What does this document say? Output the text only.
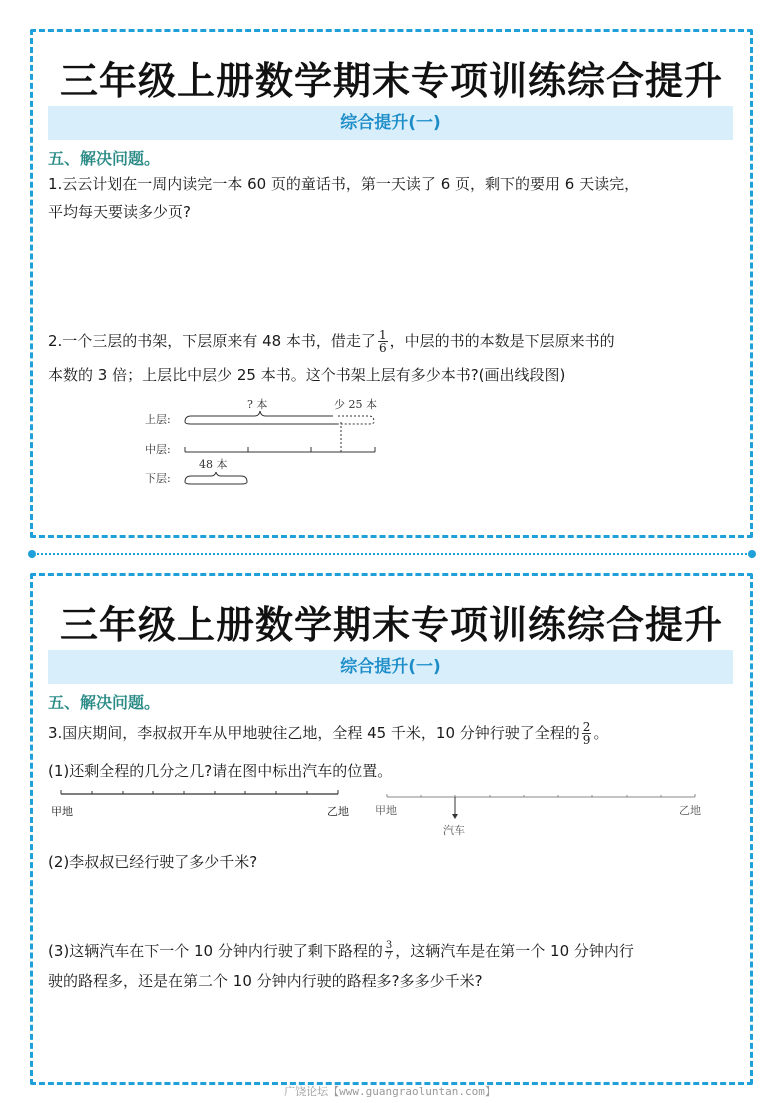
三年级上册数学期末专项训练综合提升
综合提升(一)
五、解决问题。
1.云云计划在一周内读完一本 60 页的童话书，第一天读了 6 页，剩下的要用 6 天读完，
平均每天要读多少页?
2.一个三层的书架，下层原来有 48 本书，借走了 $\frac{1}{6}$ ，中层的书的本数是下层原来书的
本数的 3 倍；上层比中层少 25 本书。这个书架上层有多少本书?(画出线段图)
上层:
中层:
下层:
? 本	少 25 本
48 本
三年级上册数学期末专项训练综合提升
综合提升(一)
五、解决问题。
3.国庆期间，李叔叔开车从甲地驶往乙地，全程 45 千米，10 分钟行驶了全程的 $\frac{2}{9}$ 。
(1)还剩全程的几分之几?请在图中标出汽车的位置。
甲地	乙地 甲地	乙地
汽车
(2)李叔叔已经行驶了多少千米?
(3)这辆汽车在下一个 10 分钟内行驶了剩下路程的 $\frac{3}{7}$ ，这辆汽车是在第一个 10 分钟内行
驶的路程多，还是在第二个 10 分钟内行驶的路程多?多多少千米?
广饶论坛【www.guangraoluntan.com】
